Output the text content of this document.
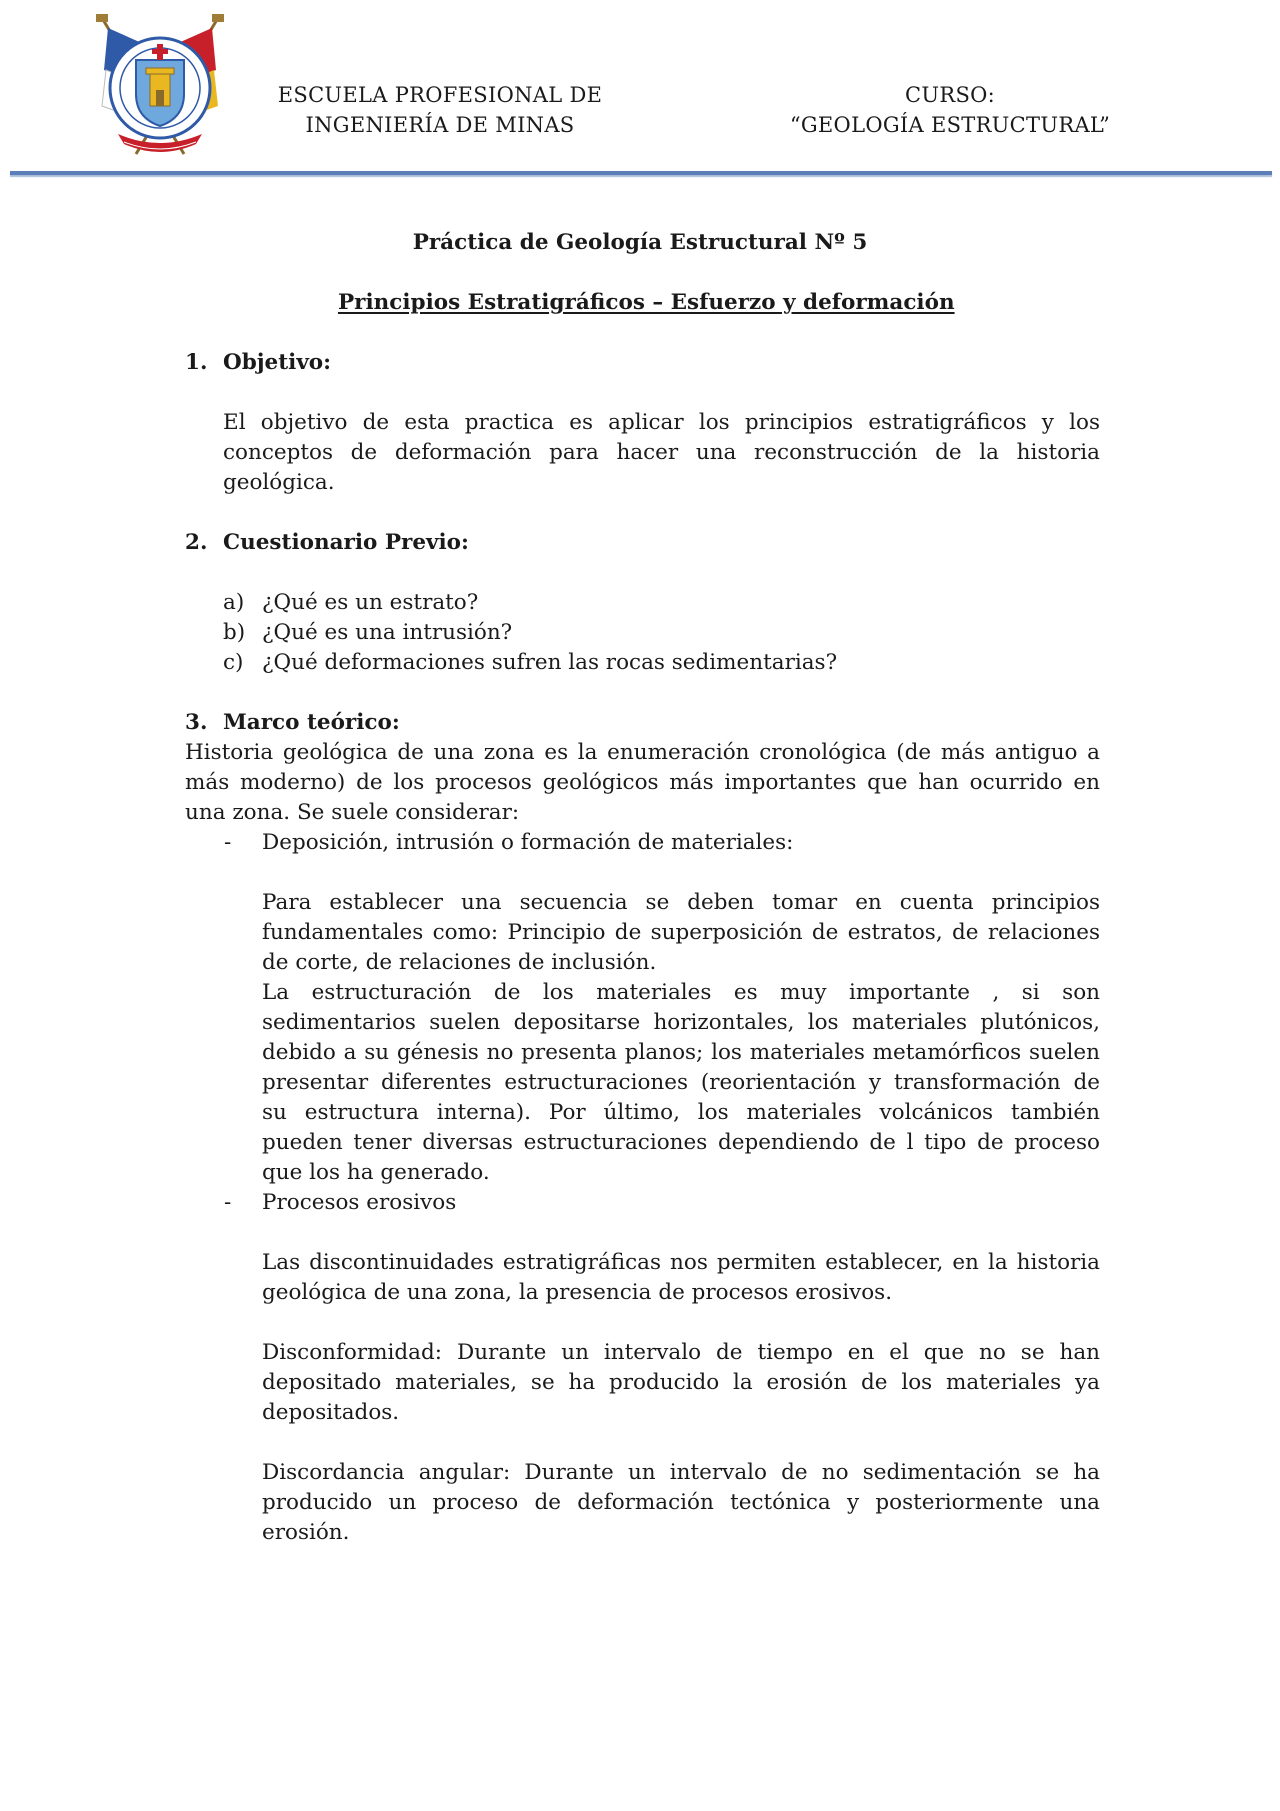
ESCUELA PROFESIONAL DE
INGENIERÍA DE MINAS
CURSO:
“GEOLOGÍA ESTRUCTURAL”
Práctica de Geología Estructural Nº 5
Principios Estratigráficos – Esfuerzo y deformación
1. Objetivo:
El objetivo de esta practica es aplicar los principios estratigráficos y los
conceptos de deformación para hacer una reconstrucción de la historia
geológica.
2. Cuestionario Previo:
a) ¿Qué es un estrato?
b) ¿Qué es una intrusión?
c) ¿Qué deformaciones sufren las rocas sedimentarias?
3. Marco teórico:
Historia geológica de una zona es la enumeración cronológica (de más antiguo a
más moderno) de los procesos geológicos más importantes que han ocurrido en
una zona. Se suele considerar:
- Deposición, intrusión o formación de materiales:
Para establecer una secuencia se deben tomar en cuenta principios
fundamentales como: Principio de superposición de estratos, de relaciones
de corte, de relaciones de inclusión.
La estructuración de los materiales es muy importante , si son
sedimentarios suelen depositarse horizontales, los materiales plutónicos,
debido a su génesis no presenta planos; los materiales metamórficos suelen
presentar diferentes estructuraciones (reorientación y transformación de
su estructura interna). Por último, los materiales volcánicos también
pueden tener diversas estructuraciones dependiendo de l tipo de proceso
que los ha generado.
- Procesos erosivos
Las discontinuidades estratigráficas nos permiten establecer, en la historia
geológica de una zona, la presencia de procesos erosivos.
Disconformidad: Durante un intervalo de tiempo en el que no se han
depositado materiales, se ha producido la erosión de los materiales ya
depositados.
Discordancia angular: Durante un intervalo de no sedimentación se ha
producido un proceso de deformación tectónica y posteriormente una
erosión.
